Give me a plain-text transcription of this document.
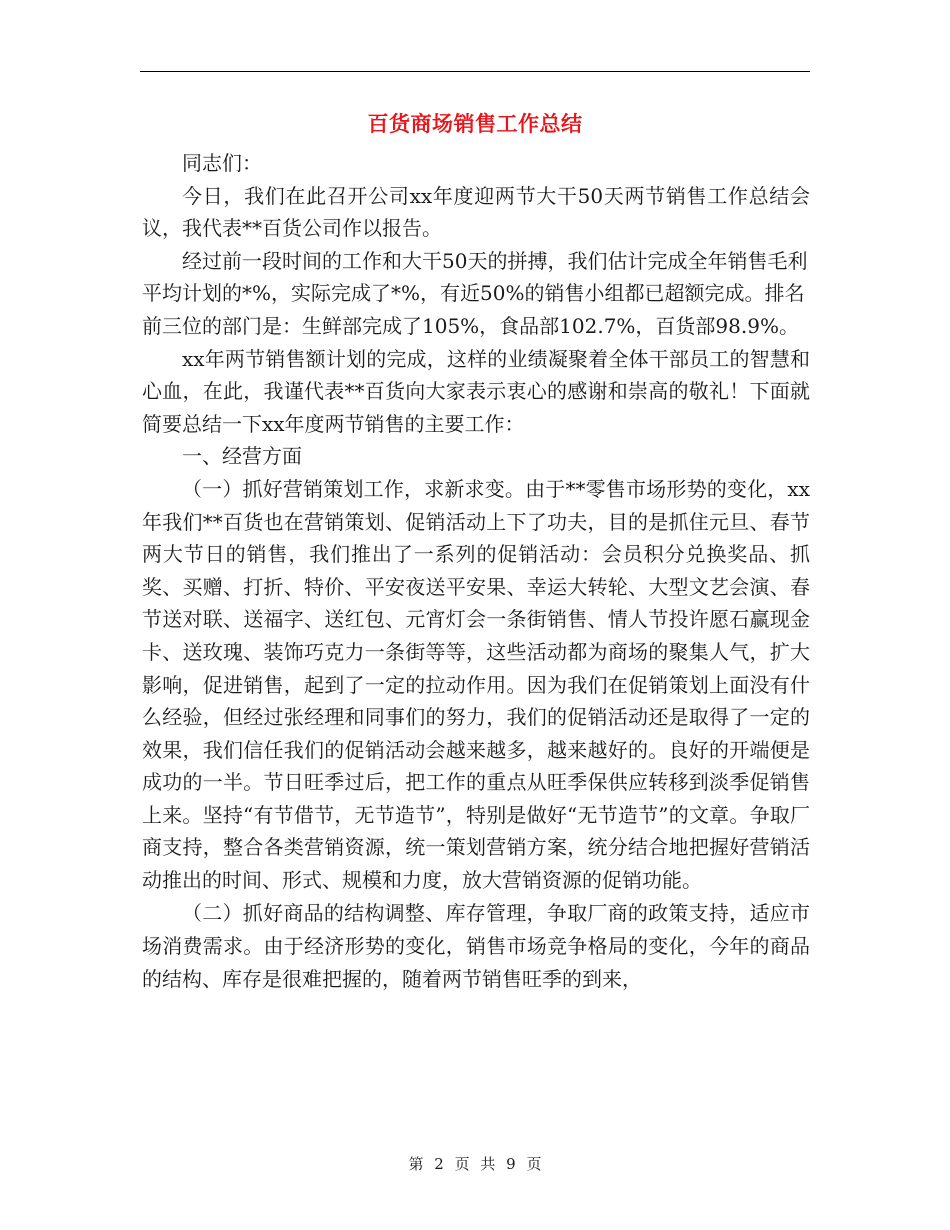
百货商场销售工作总结

同志们：

今日，我们在此召开公司xx年度迎两节大干50天两节销售工作总结会议，我代表**百货公司作以报告。

经过前一段时间的工作和大干50天的拼搏，我们估计完成全年销售毛利平均计划的*%，实际完成了*%，有近50%的销售小组都已超额完成。排名前三位的部门是：生鲜部完成了105%，食品部102.7%，百货部98.9%。

xx年两节销售额计划的完成，这样的业绩凝聚着全体干部员工的智慧和心血，在此，我谨代表**百货向大家表示衷心的感谢和崇高的敬礼！下面就简要总结一下xx年度两节销售的主要工作：

一、经营方面

（一）抓好营销策划工作，求新求变。由于**零售市场形势的变化，xx年我们**百货也在营销策划、促销活动上下了功夫，目的是抓住元旦、春节两大节日的销售，我们推出了一系列的促销活动：会员积分兑换奖品、抓奖、买赠、打折、特价、平安夜送平安果、幸运大转轮、大型文艺会演、春节送对联、送福字、送红包、元宵灯会一条街销售、情人节投许愿石赢现金卡、送玫瑰、装饰巧克力一条街等等，这些活动都为商场的聚集人气，扩大影响，促进销售，起到了一定的拉动作用。因为我们在促销策划上面没有什么经验，但经过张经理和同事们的努力，我们的促销活动还是取得了一定的效果，我们信任我们的促销活动会越来越多，越来越好的。良好的开端便是成功的一半。节日旺季过后，把工作的重点从旺季保供应转移到淡季促销售上来。坚持“有节借节，无节造节”，特别是做好“无节造节”的文章。争取厂商支持，整合各类营销资源，统一策划营销方案，统分结合地把握好营销活动推出的时间、形式、规模和力度，放大营销资源的促销功能。

（二）抓好商品的结构调整、库存管理，争取厂商的政策支持，适应市场消费需求。由于经济形势的变化，销售市场竞争格局的变化，今年的商品的结构、库存是很难把握的，随着两节销售旺季的到来，

第 2 页 共 9 页
